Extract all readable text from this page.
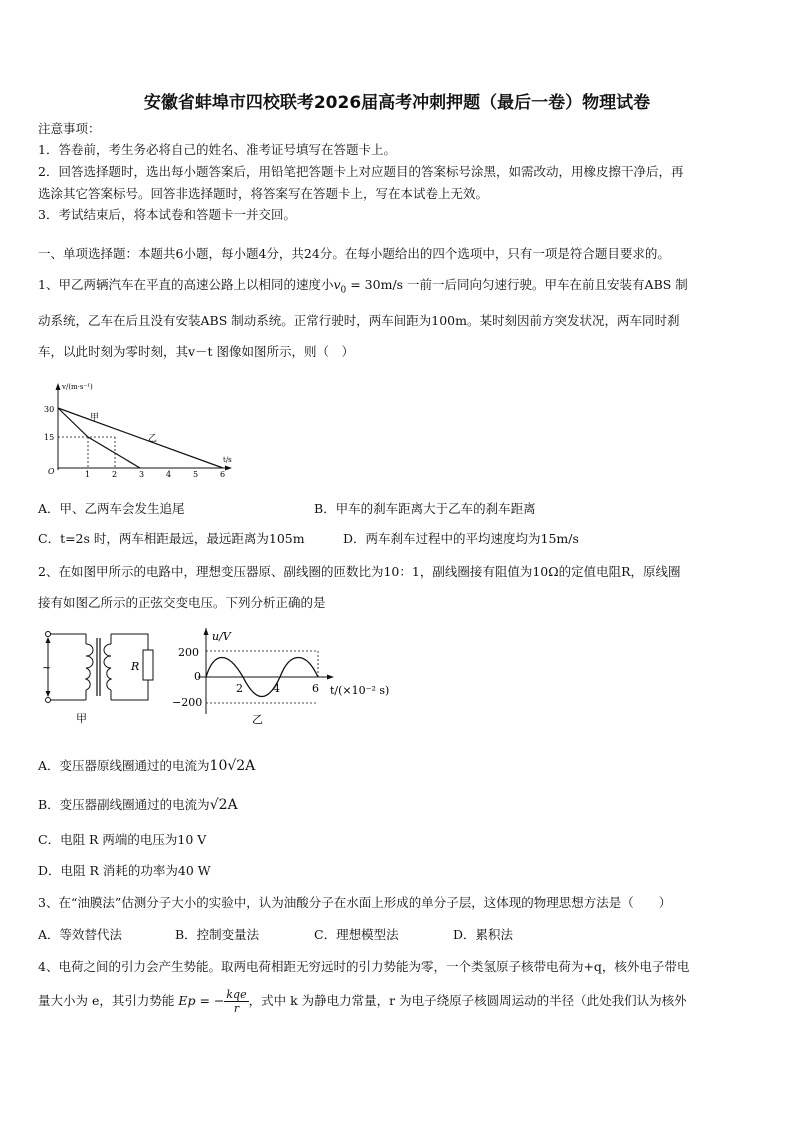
安徽省蚌埠市四校联考2026届高考冲刺押题（最后一卷）物理试卷
注意事项：
1．答卷前，考生务必将自己的姓名、准考证号填写在答题卡上。
2．回答选择题时，选出每小题答案后，用铅笔把答题卡上对应题目的答案标号涂黑，如需改动，用橡皮擦干净后，再
选涂其它答案标号。回答非选择题时，将答案写在答题卡上，写在本试卷上无效。
3．考试结束后，将本试卷和答题卡一并交回。
一、单项选择题：本题共6小题，每小题4分，共24分。在每小题给出的四个选项中，只有一项是符合题目要求的。
1、甲乙两辆汽车在平直的高速公路上以相同的速度小$v_0 = 30m/s$ 一前一后同向匀速行驶。甲车在前且安装有ABS 制
动系统，乙车在后且没有安装ABS 制动系统。正常行驶时，两车间距为100m。某时刻因前方突发状况，两车同时刹
车，以此时刻为零时刻，其v－t 图像如图所示，则（　）
v/(m·s⁻¹)
t/s
O
30
15
1	2	3	4	5	6
甲
乙
A．甲、乙两车会发生追尾	B．甲车的刹车距离大于乙车的刹车距离
C．t=2s 时，两车相距最远，最远距离为105m	D．两车刹车过程中的平均速度均为15m/s
2、在如图甲所示的电路中，理想变压器原、副线圈的匝数比为10：1，副线圈接有阻值为10Ω的定值电阻R，原线圈
接有如图乙所示的正弦交变电压。下列分析正确的是
~	R
甲
u/V
t/(×10⁻² s)
200
0
−200
2	4	6
乙
A．变压器原线圈通过的电流为10√2A
B．变压器副线圈通过的电流为√2A
C．电阻 R 两端的电压为10 V
D．电阻 R 消耗的功率为40 W
3、在“油膜法”估测分子大小的实验中，认为油酸分子在水面上形成的单分子层，这体现的物理思想方法是（　　）
A．等效替代法	B．控制变量法	C．理想模型法	D．累积法
4、电荷之间的引力会产生势能。取两电荷相距无穷远时的引力势能为零，一个类氢原子核带电荷为+q，核外电子带电
量大小为 e，其引力势能 Ep = − $\frac{\text{kqe}}{r}$ ，式中 k 为静电力常量，r 为电子绕原子核圆周运动的半径（此处我们认为核外
